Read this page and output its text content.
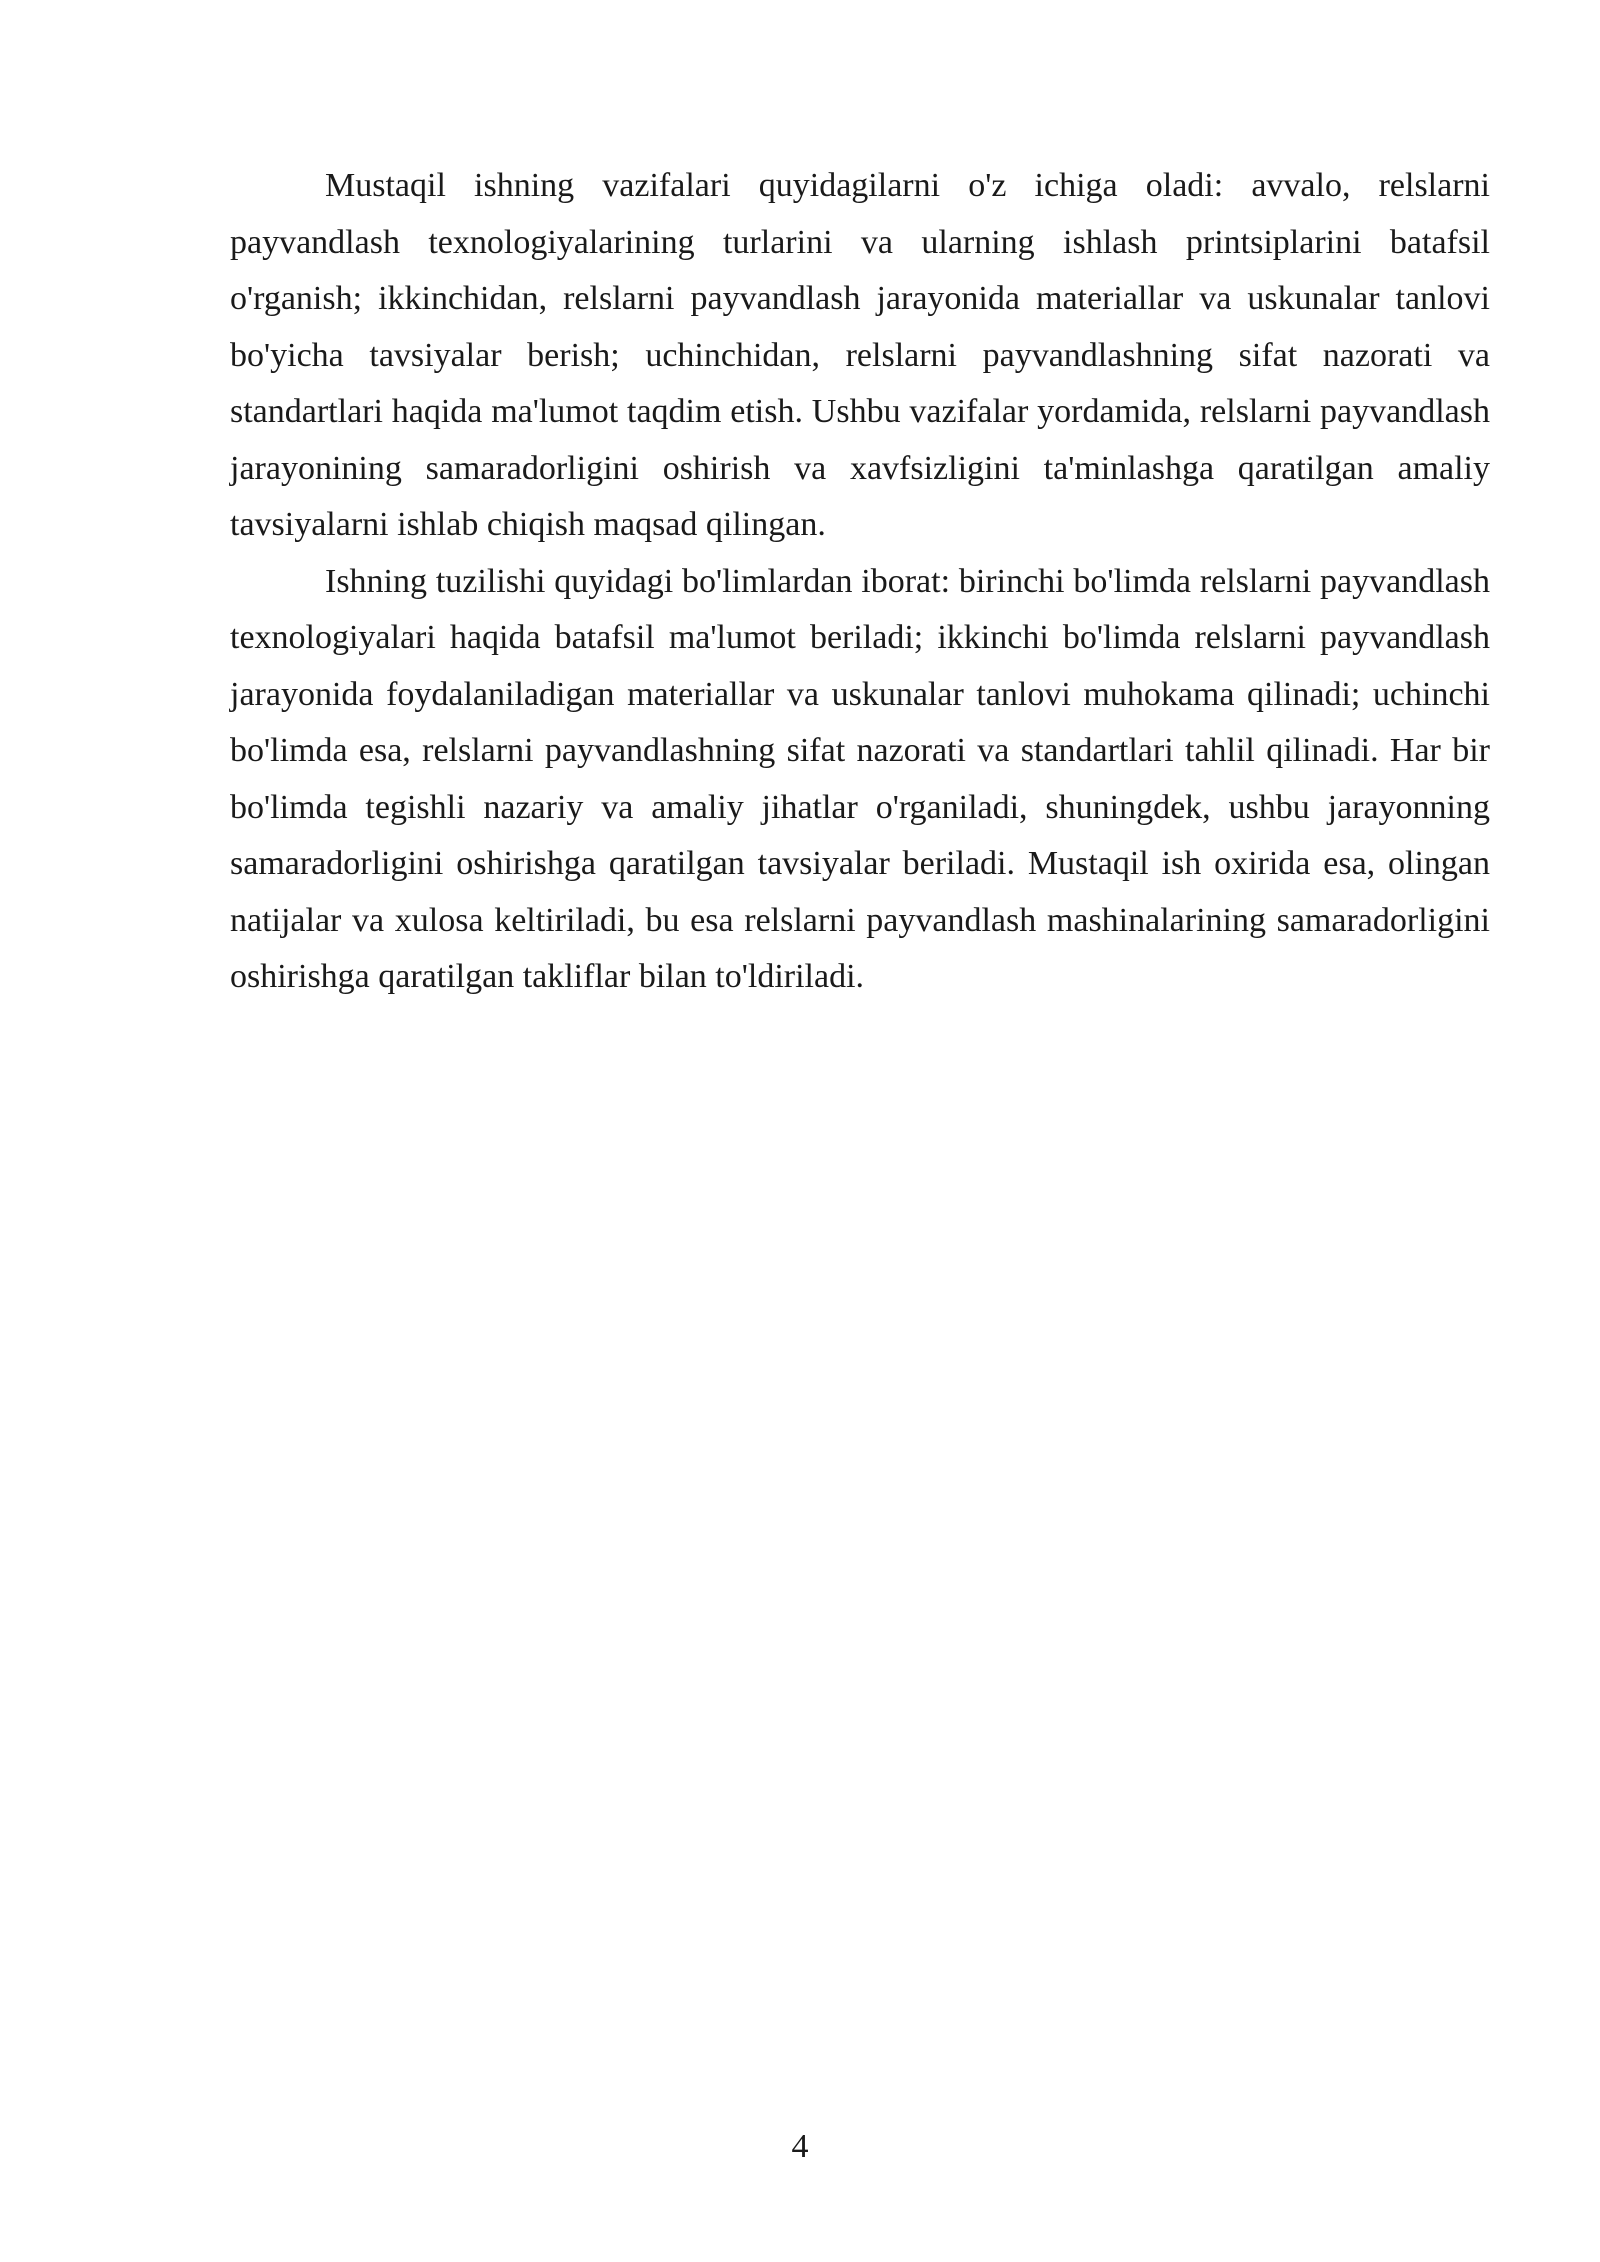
Mustaqil ishning vazifalari quyidagilarni o'z ichiga oladi: avvalo, relslarni payvandlash texnologiyalarining turlarini va ularning ishlash printsiplarini batafsil o'rganish; ikkinchidan, relslarni payvandlash jarayonida materiallar va uskunalar tanlovi bo'yicha tavsiyalar berish; uchinchidan, relslarni payvandlashning sifat nazorati va standartlari haqida ma'lumot taqdim etish. Ushbu vazifalar yordamida, relslarni payvandlash jarayonining samaradorligini oshirish va xavfsizligini ta'minlashga qaratilgan amaliy tavsiyalarni ishlab chiqish maqsad qilingan.

Ishning tuzilishi quyidagi bo'limlardan iborat: birinchi bo'limda relslarni payvandlash texnologiyalari haqida batafsil ma'lumot beriladi; ikkinchi bo'limda relslarni payvandlash jarayonida foydalaniladigan materiallar va uskunalar tanlovi muhokama qilinadi; uchinchi bo'limda esa, relslarni payvandlashning sifat nazorati va standartlari tahlil qilinadi. Har bir bo'limda tegishli nazariy va amaliy jihatlar o'rganiladi, shuningdek, ushbu jarayonning samaradorligini oshirishga qaratilgan tavsiyalar beriladi. Mustaqil ish oxirida esa, olingan natijalar va xulosa keltiriladi, bu esa relslarni payvandlash mashinalarining samaradorligini oshirishga qaratilgan takliflar bilan to'ldiriladi.

4
